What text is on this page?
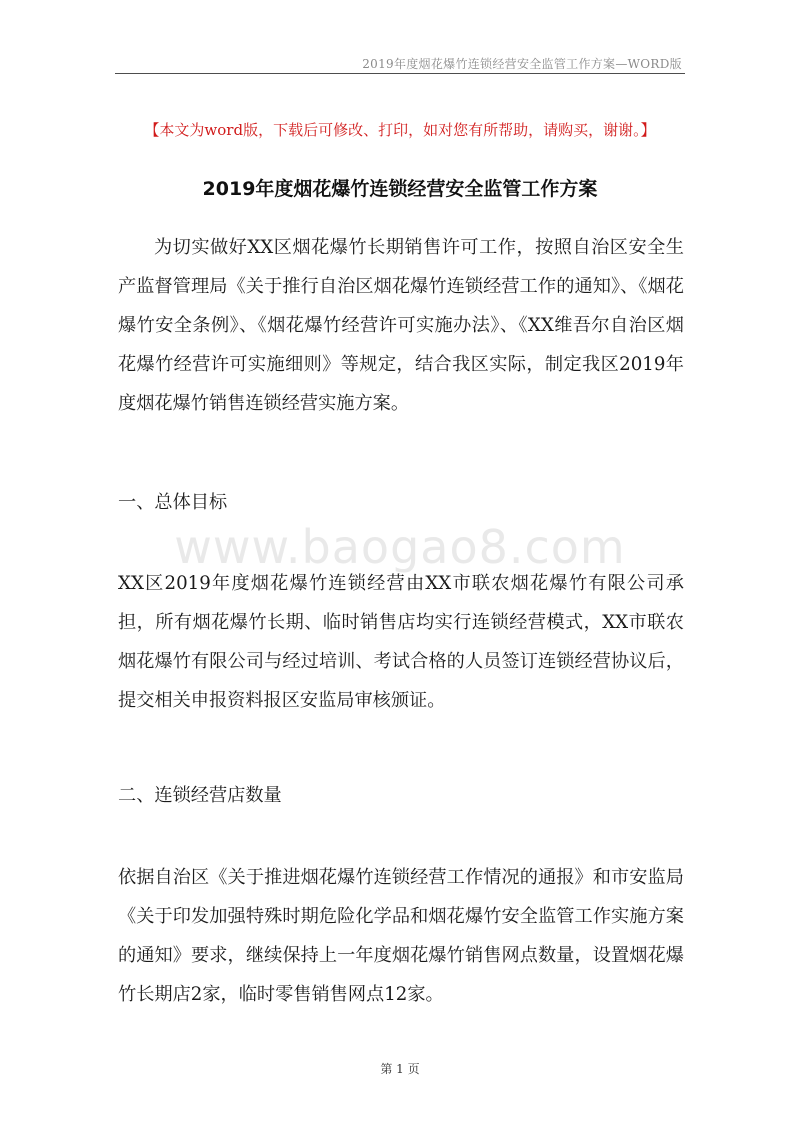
2019年度烟花爆竹连锁经营安全监管工作方案—WORD版
【本文为word版，下载后可修改、打印，如对您有所帮助，请购买，谢谢。】
2019年度烟花爆竹连锁经营安全监管工作方案

为切实做好XX区烟花爆竹长期销售许可工作，按照自治区安全生产监督管理局《关于推行自治区烟花爆竹连锁经营工作的通知》、《烟花爆竹安全条例》、《烟花爆竹经营许可实施办法》、《XX维吾尔自治区烟花爆竹经营许可实施细则》等规定，结合我区实际，制定我区2019年度烟花爆竹销售连锁经营实施方案。

一、总体目标

www.baogao8.com

XX区2019年度烟花爆竹连锁经营由XX市联农烟花爆竹有限公司承担，所有烟花爆竹长期、临时销售店均实行连锁经营模式，XX市联农烟花爆竹有限公司与经过培训、考试合格的人员签订连锁经营协议后，提交相关申报资料报区安监局审核颁证。

二、连锁经营店数量

依据自治区《关于推进烟花爆竹连锁经营工作情况的通报》和市安监局《关于印发加强特殊时期危险化学品和烟花爆竹安全监管工作实施方案的通知》要求，继续保持上一年度烟花爆竹销售网点数量，设置烟花爆竹长期店2家，临时零售销售网点12家。

第 1 页
